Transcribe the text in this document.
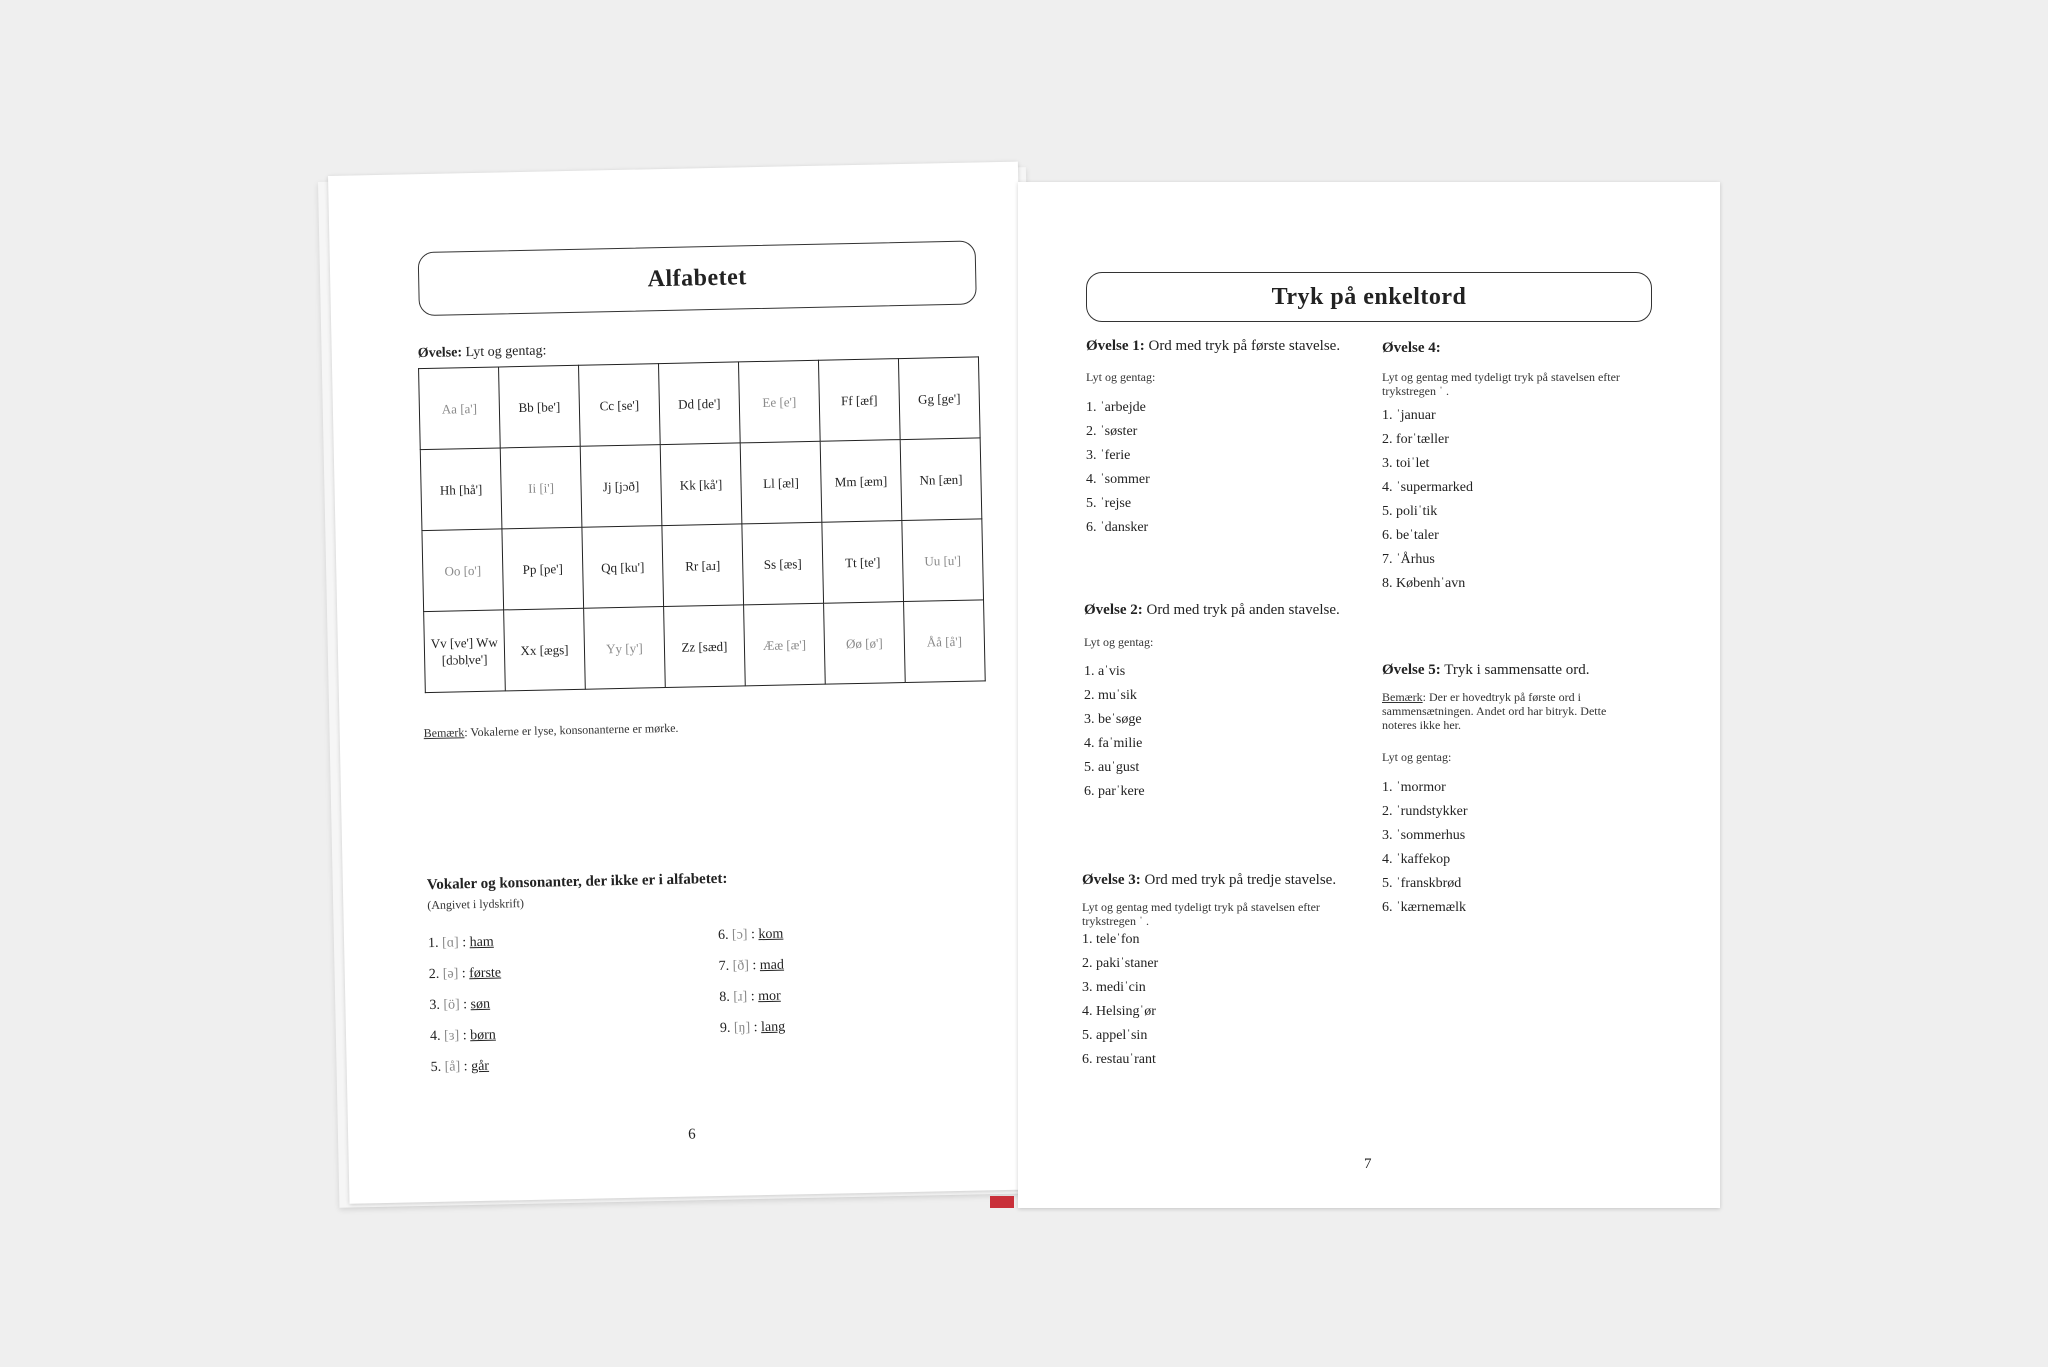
Alfabetet
Øvelse: Lyt og gentag:
Aa [a']	Bb [be']	Cc [se']	Dd [de']	Ee [e']	Ff [æf]	Gg [ge']
Hh [hå']	Ii [i']	Jj [jɔð]	Kk [kå']	Ll [æl]	Mm [æm]	Nn [æn]
Oo [o']	Pp [pe']	Qq [ku']	Rr [aɹ]	Ss [æs]	Tt [te']	Uu [u']
Vv [ve'] Ww [dɔbl̩ve']	Xx [ægs]	Yy [y']	Zz [sæd]	Ææ [æ']	Øø [ø']	Åå [å']
Bemærk: Vokalerne er lyse, konsonanterne er mørke.
Vokaler og konsonanter, der ikke er i alfabetet:
(Angivet i lydskrift)
1. [ɑ] : ham
2. [ə] : første
3. [ö] : søn
4. [ɜ] : børn
5. [å] : går
6. [ɔ] : kom
7. [ð] : mad
8. [ɹ] : mor
9. [ŋ] : lang
6
Tryk på enkeltord
Øvelse 1: Ord med tryk på første stavelse.
Lyt og gentag:
1. ˈarbejde
2. ˈsøster
3. ˈferie
4. ˈsommer
5. ˈrejse
6. ˈdansker
Øvelse 2: Ord med tryk på anden stavelse.
Lyt og gentag:
1. aˈvis
2. muˈsik
3. beˈsøge
4. faˈmilie
5. auˈgust
6. parˈkere
Øvelse 3: Ord med tryk på tredje stavelse.
Lyt og gentag med tydeligt tryk på stavelsen efter trykstregen ˈ .
1. teleˈfon
2. pakiˈstaner
3. mediˈcin
4. Helsingˈør
5. appelˈsin
6. restauˈrant
Øvelse 4:
Lyt og gentag med tydeligt tryk på stavelsen efter trykstregen ˈ .
1. ˈjanuar
2. forˈtæller
3. toiˈlet
4. ˈsupermarked
5. poliˈtik
6. beˈtaler
7. ˈÅrhus
8. Københˈavn
Øvelse 5: Tryk i sammensatte ord.
Bemærk: Der er hovedtryk på første ord i sammensætningen. Andet ord har bitryk. Dette noteres ikke her.
Lyt og gentag:
1. ˈmormor
2. ˈrundstykker
3. ˈsommerhus
4. ˈkaffekop
5. ˈfranskbrød
6. ˈkærnemælk
7
